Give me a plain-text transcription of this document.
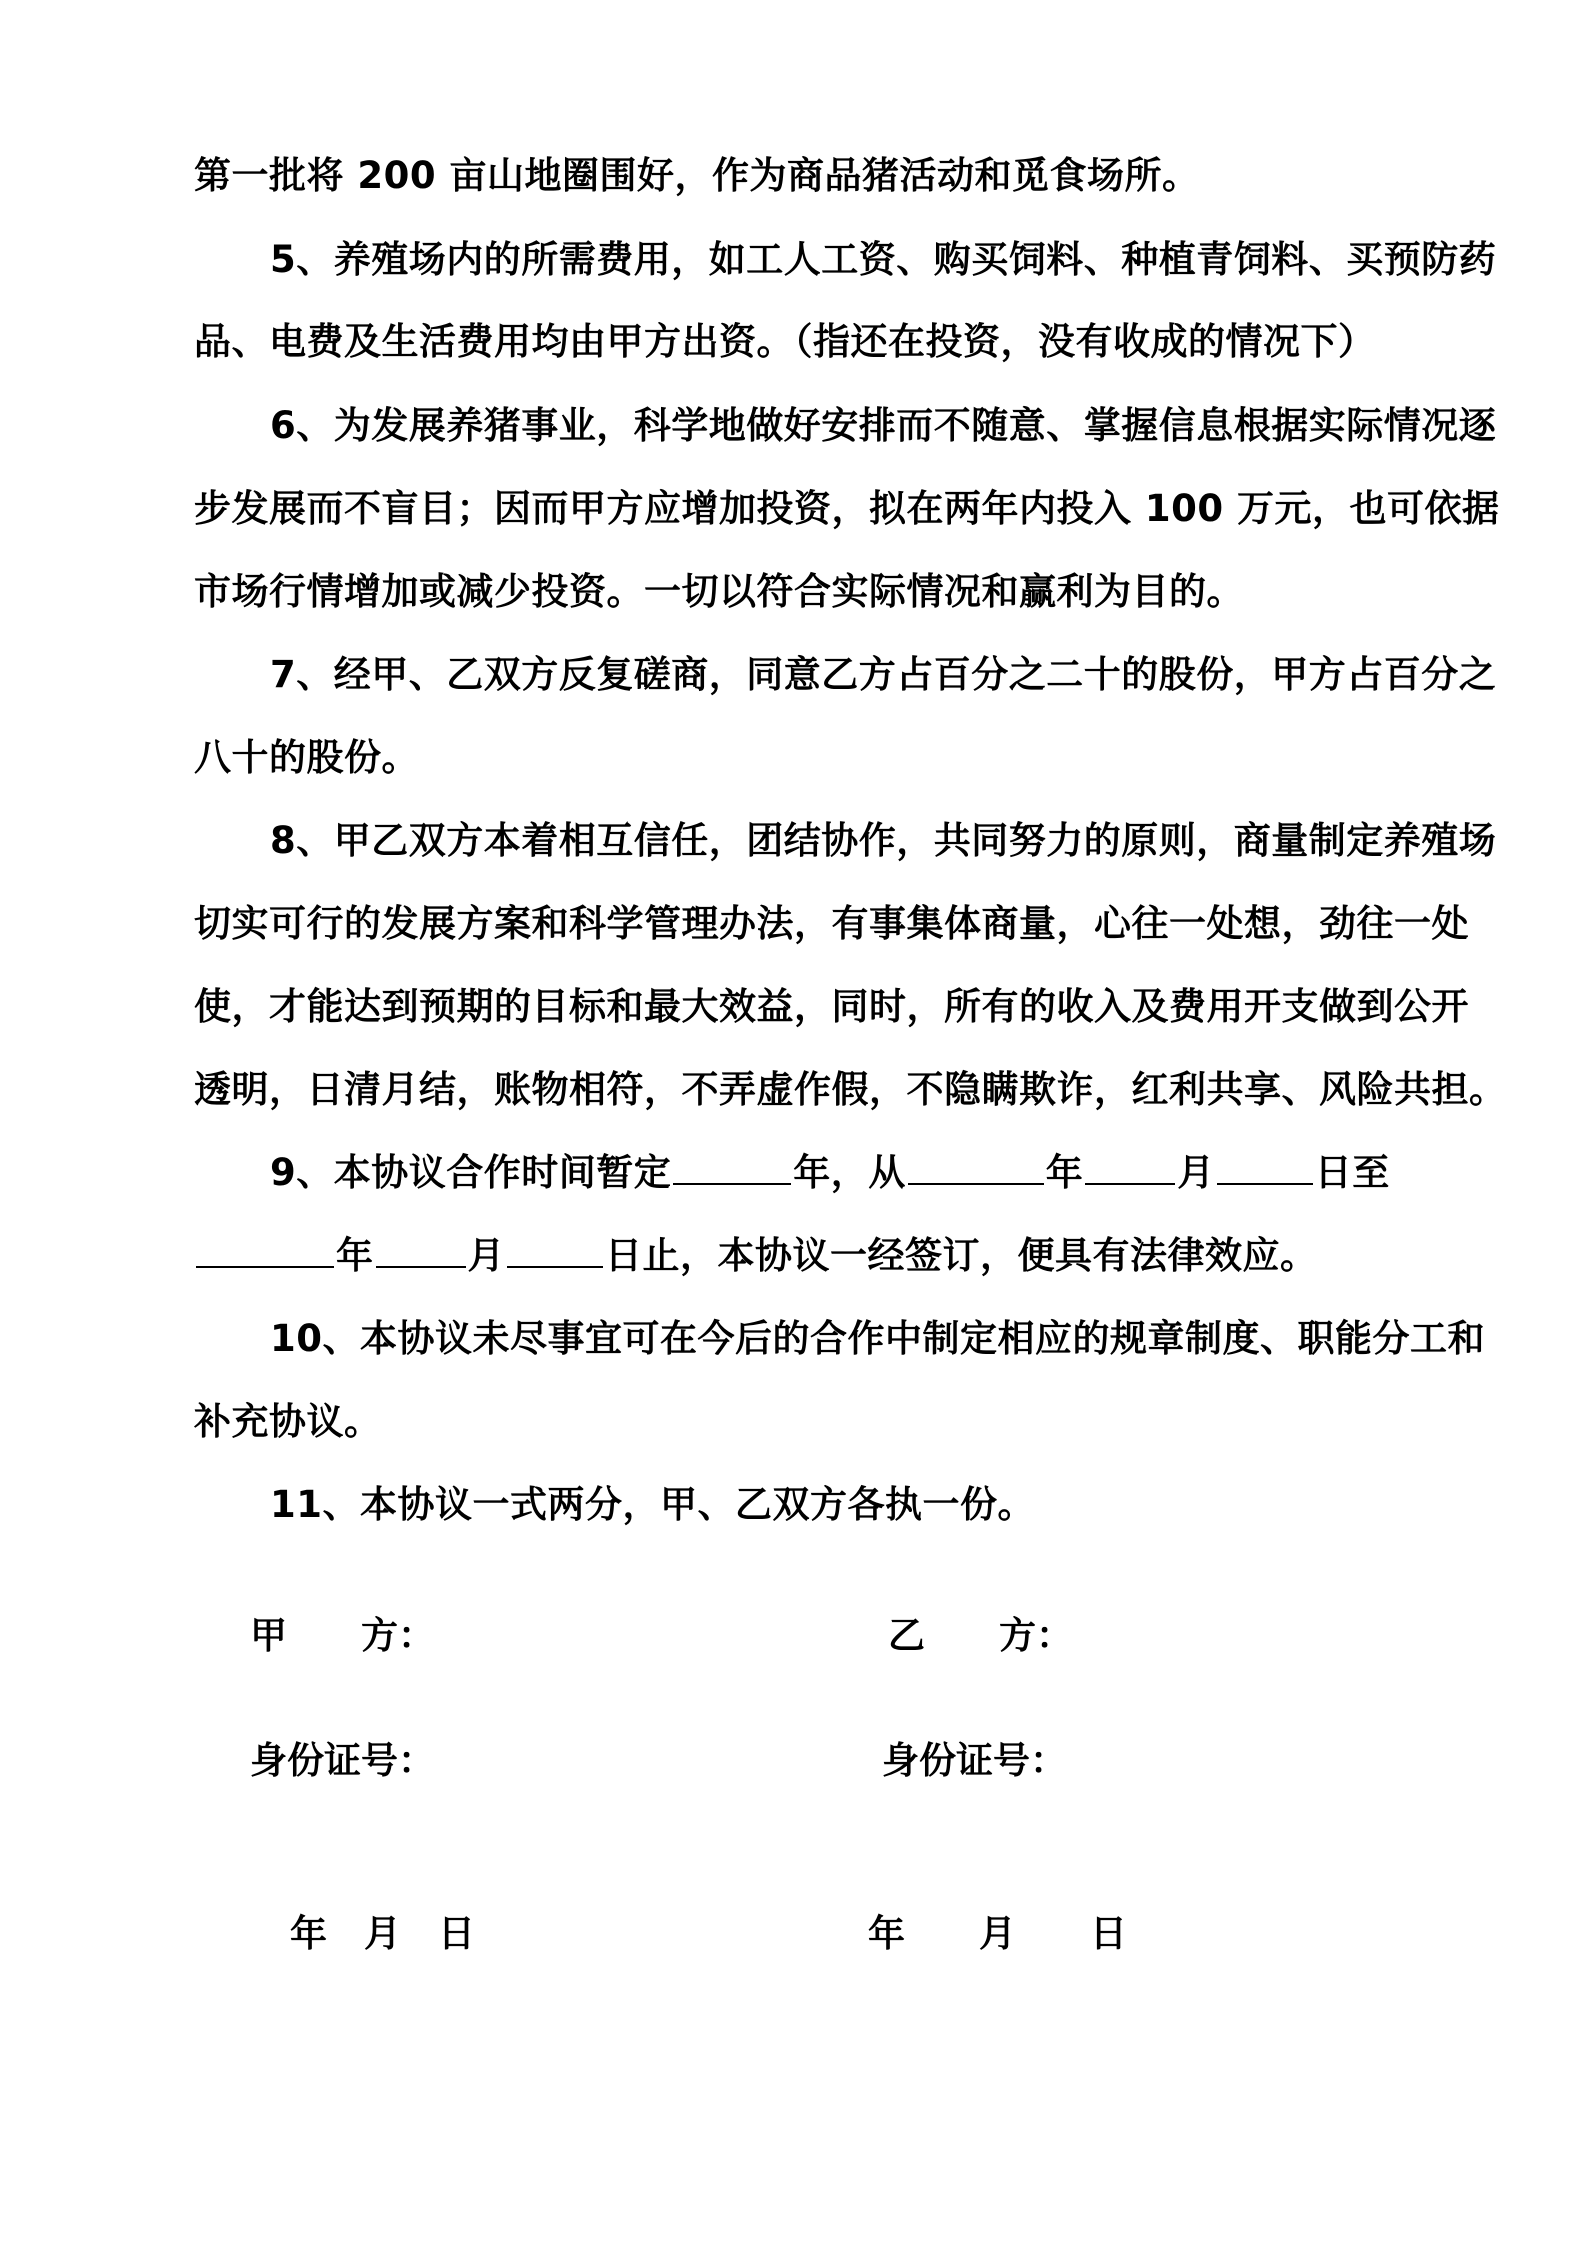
第一批将 200 亩山地圈围好，作为商品猪活动和觅食场所。
5、养殖场内的所需费用，如工人工资、购买饲料、种植青饲料、买预防药
品、电费及生活费用均由甲方出资。（指还在投资，没有收成的情况下）
6、为发展养猪事业，科学地做好安排而不随意、掌握信息根据实际情况逐
步发展而不盲目；因而甲方应增加投资，拟在两年内投入 100 万元，也可依据
市场行情增加或减少投资。一切以符合实际情况和赢利为目的。
7、经甲、乙双方反复磋商，同意乙方占百分之二十的股份，甲方占百分之
八十的股份。
8、甲乙双方本着相互信任，团结协作，共同努力的原则，商量制定养殖场
切实可行的发展方案和科学管理办法，有事集体商量，心往一处想，劲往一处
使，才能达到预期的目标和最大效益，同时，所有的收入及费用开支做到公开
透明，日清月结，账物相符，不弄虚作假，不隐瞒欺诈，红利共享、风险共担。
9、本协议合作时间暂定	年，从	年	月	日至
年	月	日止，本协议一经签订，便具有法律效应。
10、本协议未尽事宜可在今后的合作中制定相应的规章制度、职能分工和
补充协议。
11、本协议一式两分，甲、乙双方各执一份。
甲　　方：	乙　　方：
身份证号：	身份证号：
年　月　日	年　　月　　日
